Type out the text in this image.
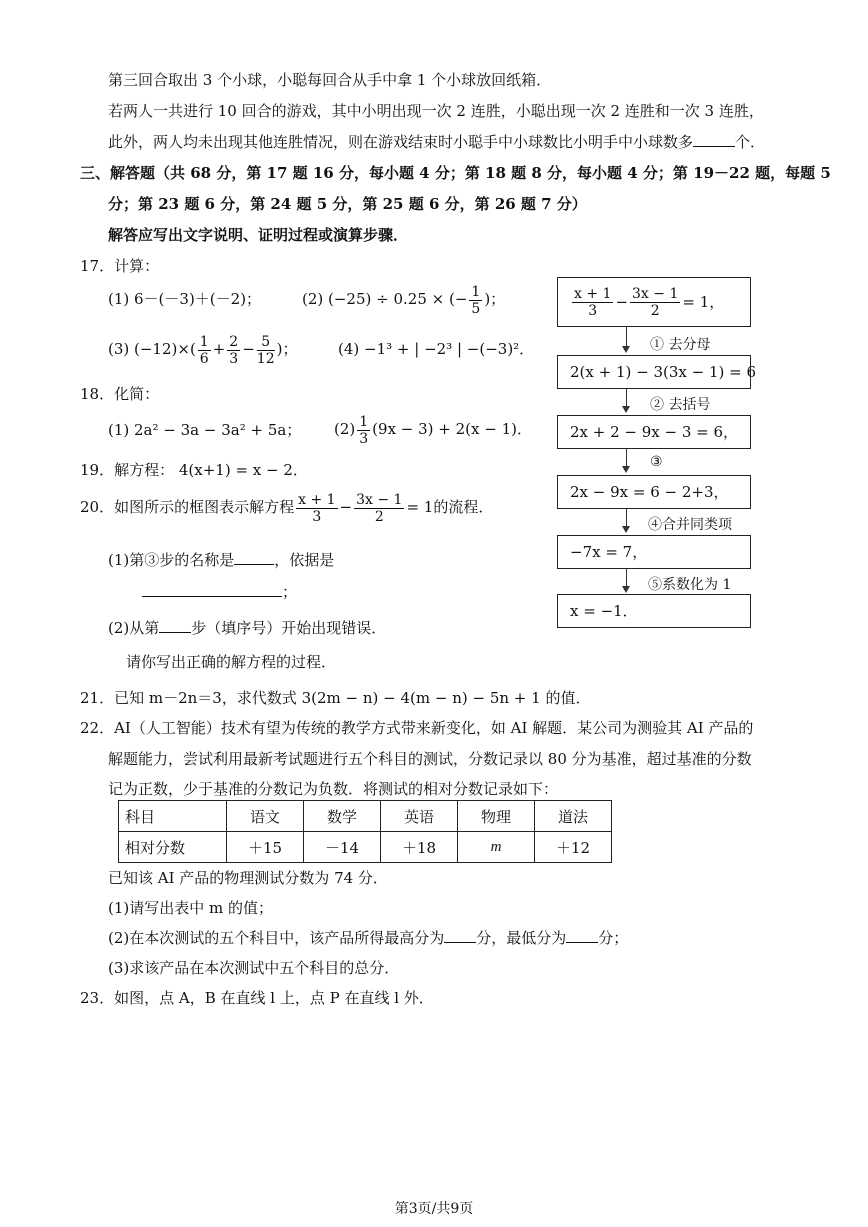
第三回合取出 3 个小球，小聪每回合从手中拿 1 个小球放回纸箱．
若两人一共进行 10 回合的游戏，其中小明出现一次 2 连胜，小聪出现一次 2 连胜和一次 3 连胜，
此外，两人均未出现其他连胜情况，则在游戏结束时小聪手中小球数比小明手中小球数多	个．
三、解答题（共 68 分，第 17 题 16 分，每小题 4 分；第 18 题 8 分，每小题 4 分；第 19－22 题，每题 5
分；第 23 题 6 分，第 24 题 5 分，第 25 题 6 分，第 26 题 7 分）
解答应写出文字说明、证明过程或演算步骤．
17．计算：
(1) 6－(－3)＋(－2)；	(2) (−25) ÷ 0.25 × (− $\frac{1}{5}$ )；
(3) $(-12)\times( \frac{1}{6} + \frac{2}{3} - \frac{5}{12}$ )；	(4) −1³ + | −2³ | −(−3)²．
18．化简：
(1) 2a² − 3a − 3a² + 5a； $(2) \frac{1}{3} (9x - 3) + 2(x - 1)$．
19．解方程： 4(x+1) = x − 2．
20．如图所示的框图表示解方程 $\frac{x + 1}{3} - \frac{3x - 1}{2} = 1$的流程．
(1)第③步的名称是	，依据是
；
(2)从第 步（填序号）开始出现错误．
请你写出正确的解方程的过程．
$\frac{x + 1}{3} - \frac{3x - 1}{2} = 1$，
① 去分母
2(x + 1) − 3(3x − 1) = 6
② 去括号
2x + 2 − 9x − 3 = 6，
③
2x − 9x = 6 − 2+3，
④合并同类项
−7x = 7，
⑤系数化为 1
x = −1．
21．已知 m－2n＝3，求代数式 3(2m − n) − 4(m − n) − 5n + 1 的值．
22．AI（人工智能）技术有望为传统的教学方式带来新变化，如 AI 解题．某公司为测验其 AI 产品的
解题能力，尝试利用最新考试题进行五个科目的测试，分数记录以 80 分为基准，超过基准的分数
记为正数，少于基准的分数记为负数．将测试的相对分数记录如下：
科目	语文	数学	英语	物理	道法
相对分数	＋15	－14	＋18	m	＋12
已知该 AI 产品的物理测试分数为 74 分．
(1)请写出表中 m 的值；
(2)在本次测试的五个科目中，该产品所得最高分为 分，最低分为 分；
(3)求该产品在本次测试中五个科目的总分．
23．如图，点 A，B 在直线 l 上，点 P 在直线 l 外．
第3页/共9页
